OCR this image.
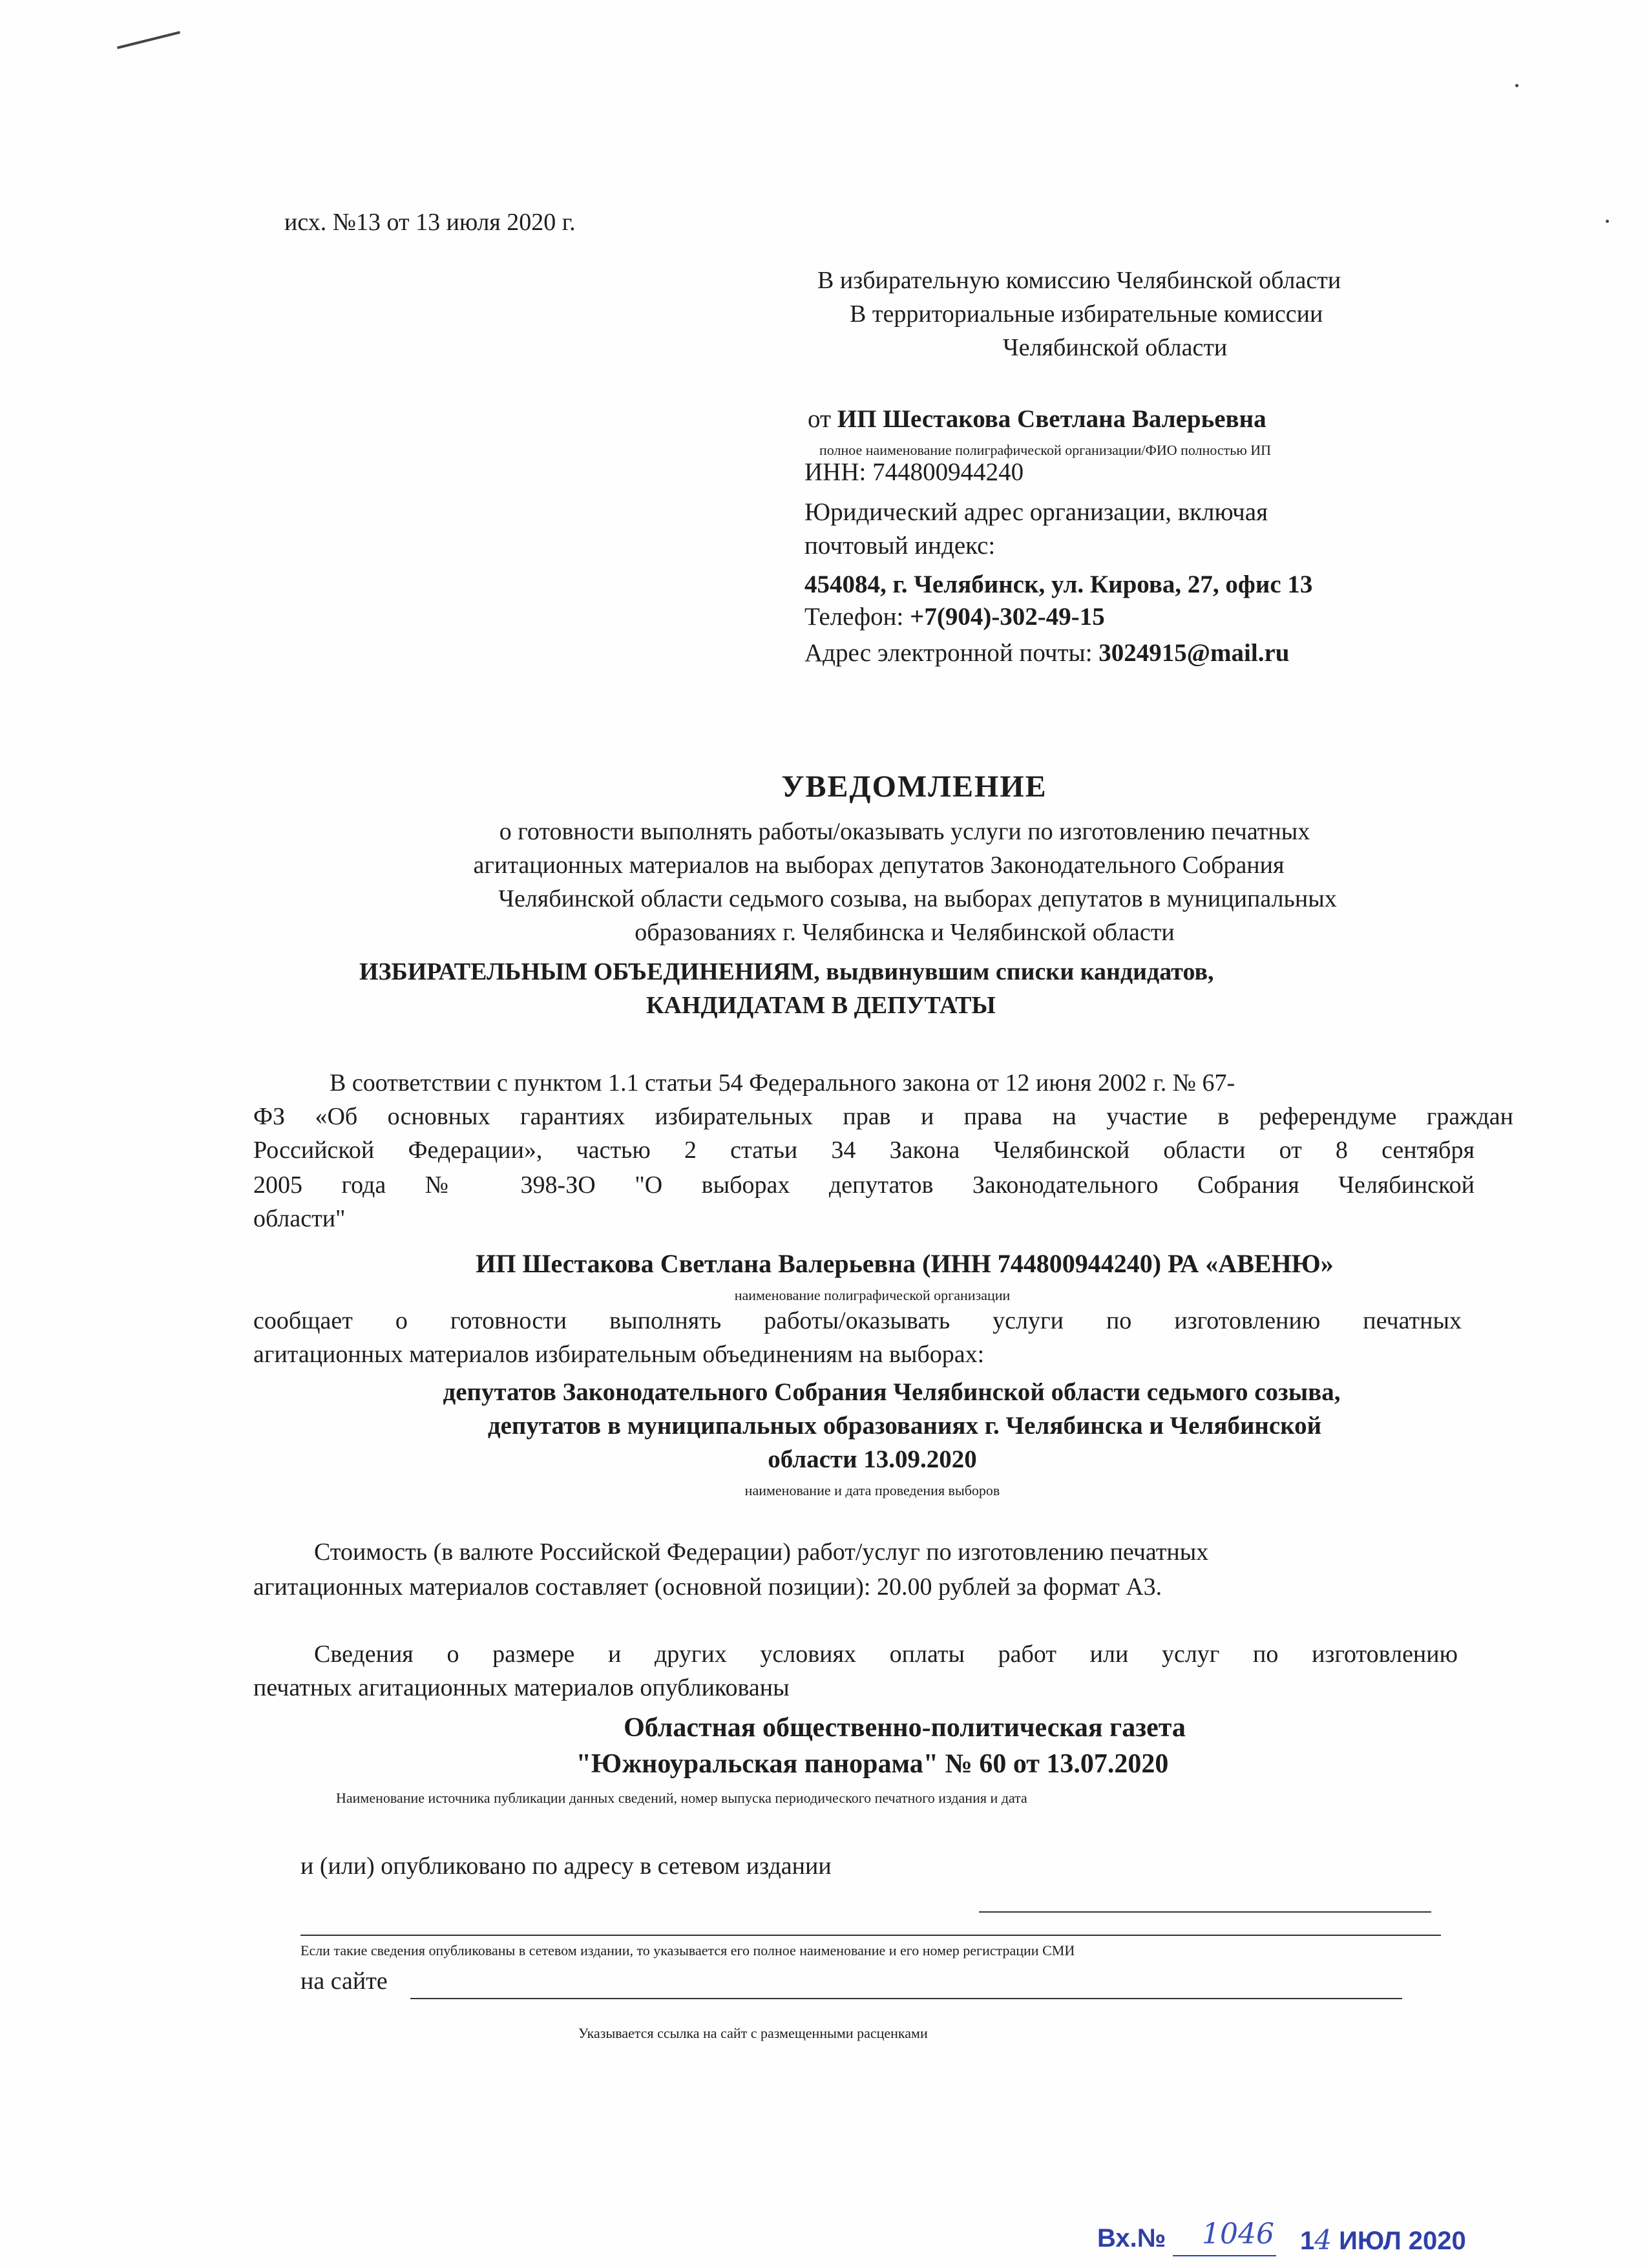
исх. №13 от 13 июля 2020 г.
В избирательную комиссию Челябинской области
В территориальные избирательные комиссии
Челябинской области
от ИП Шестакова Светлана Валерьевна
полное наименование полиграфической организации/ФИО полностью ИП
ИНН: 744800944240
Юридический адрес организации, включая
почтовый индекс:
454084, г. Челябинск, ул. Кирова, 27, офис 13
Телефон: +7(904)-302-49-15
Адрес электронной почты: 3024915@mail.ru
УВЕДОМЛЕНИЕ
о готовности выполнять работы/оказывать услуги по изготовлению печатных
агитационных материалов на выборах депутатов Законодательного Собрания
Челябинской области седьмого созыва, на выборах депутатов в муниципальных
образованиях г. Челябинска и Челябинской области
ИЗБИРАТЕЛЬНЫМ ОБЪЕДИНЕНИЯМ, выдвинувшим списки кандидатов,
КАНДИДАТАМ В ДЕПУТАТЫ
В соответствии с пунктом 1.1 статьи 54 Федерального закона от 12 июня 2002 г. № 67-
ФЗ «Об основных гарантиях избирательных прав и права на участие в референдуме граждан
Российской Федерации», частью 2 статьи 34 Закона Челябинской области от 8 сентября
2005 года № 398-ЗО "О выборах депутатов Законодательного Собрания Челябинской
области"
ИП Шестакова Светлана Валерьевна (ИНН 744800944240) РА «АВЕНЮ»
наименование полиграфической организации
сообщает о готовности выполнять работы/оказывать услуги по изготовлению печатных
агитационных материалов избирательным объединениям на выборах:
депутатов Законодательного Собрания Челябинской области седьмого созыва,
депутатов в муниципальных образованиях г. Челябинска и Челябинской
области 13.09.2020
наименование и дата проведения выборов
Стоимость (в валюте Российской Федерации) работ/услуг по изготовлению печатных
агитационных материалов составляет (основной позиции): 20.00 рублей за формат А3.
Сведения о размере и других условиях оплаты работ или услуг по изготовлению
печатных агитационных материалов опубликованы
Областная общественно-политическая газета
"Южноуральская панорама" № 60 от 13.07.2020
Наименование источника публикации данных сведений, номер выпуска периодического печатного издания и дата
и (или) опубликовано по адресу в сетевом издании
Если такие сведения опубликованы в сетевом издании, то указывается его полное наименование и его номер регистрации СМИ
на сайте
Указывается ссылка на сайт с размещенными расценками
Вх.№ 1046 14 ИЮЛ 2020
